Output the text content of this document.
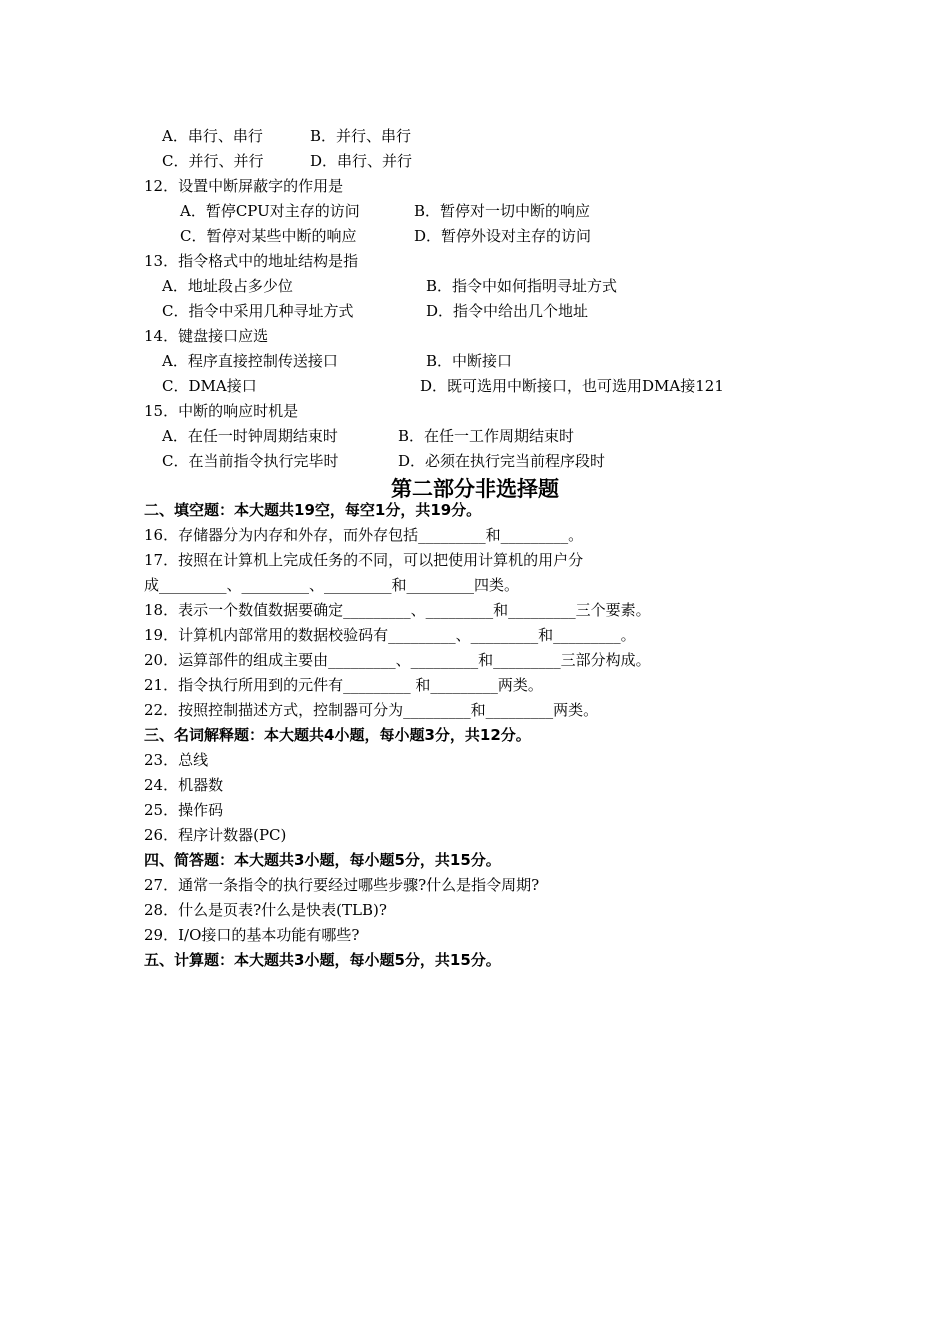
A．串行、串行	B．并行、串行
C．并行、并行	D．串行、并行
12．设置中断屏蔽字的作用是
A．暂停CPU对主存的访问	B．暂停对一切中断的响应
C．暂停对某些中断的响应	D．暂停外设对主存的访问
13．指令格式中的地址结构是指
A．地址段占多少位	B．指令中如何指明寻址方式
C．指令中采用几种寻址方式	D．指令中给出几个地址
14．键盘接口应选
A．程序直接控制传送接口	B．中断接口
C．DMA接口	D．既可选用中断接口，也可选用DMA接121
15．中断的响应时机是
A．在任一时钟周期结束时	B．在任一工作周期结束时
C．在当前指令执行完毕时	D．必须在执行完当前程序段时
第二部分非选择题
二、填空题：本大题共19空，每空1分，共19分。
16．存储器分为内存和外存，而外存包括_________和_________。
17．按照在计算机上完成任务的不同，可以把使用计算机的用户分
成_________、_________、_________和_________四类。
18．表示一个数值数据要确定_________、_________和_________三个要素。
19．计算机内部常用的数据校验码有_________、_________和_________。
20．运算部件的组成主要由_________、_________和_________三部分构成。
21．指令执行所用到的元件有_________ 和_________两类。
22．按照控制描述方式，控制器可分为_________和_________两类。
三、名词解释题：本大题共4小题，每小题3分，共12分。
23．总线
24．机器数
25．操作码
26．程序计数器(PC)
四、简答题：本大题共3小题，每小题5分，共15分。
27．通常一条指令的执行要经过哪些步骤?什么是指令周期?
28．什么是页表?什么是快表(TLB)?
29．I/O接口的基本功能有哪些?
五、计算题：本大题共3小题，每小题5分，共15分。
